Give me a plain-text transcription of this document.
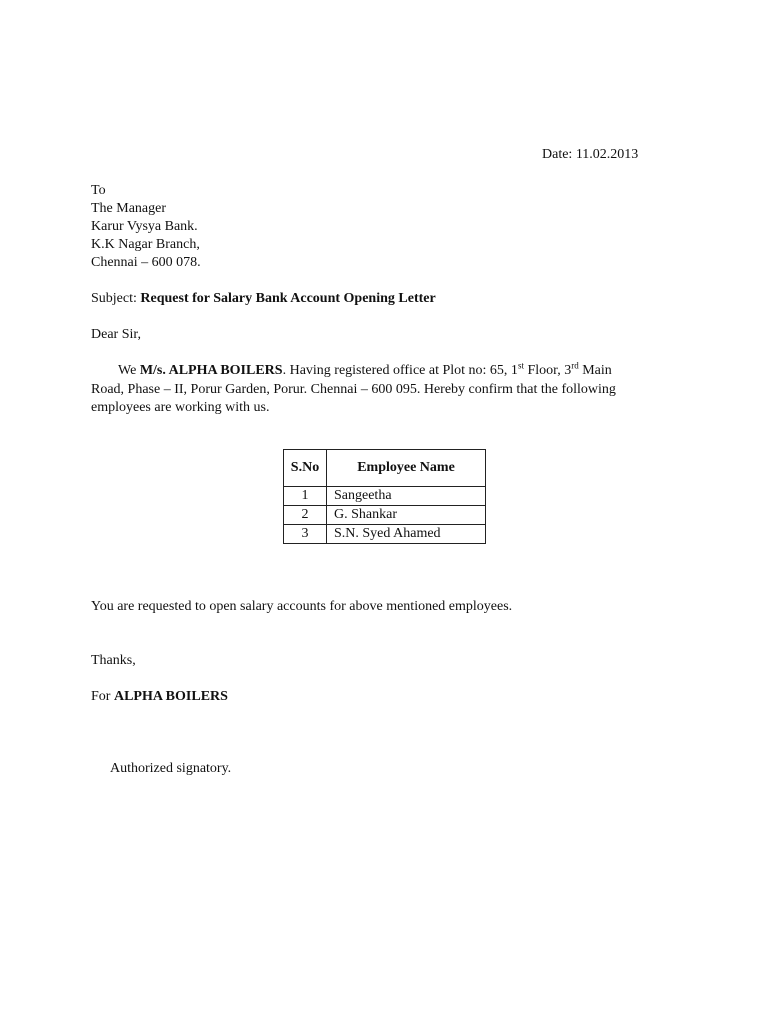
Date: 11.02.2013
To
The Manager
Karur Vysya Bank.
K.K Nagar Branch,
Chennai – 600 078.
Subject: Request for Salary Bank Account Opening Letter
Dear Sir,
We M/s. ALPHA BOILERS. Having registered office at Plot no: 65, 1st Floor, 3rd Main
Road, Phase – II, Porur Garden, Porur. Chennai – 600 095. Hereby confirm that the following
employees are working with us.
S.No	Employee Name
1	Sangeetha
2	G. Shankar
3	S.N. Syed Ahamed
You are requested to open salary accounts for above mentioned employees.
Thanks,
For ALPHA BOILERS
Authorized signatory.
